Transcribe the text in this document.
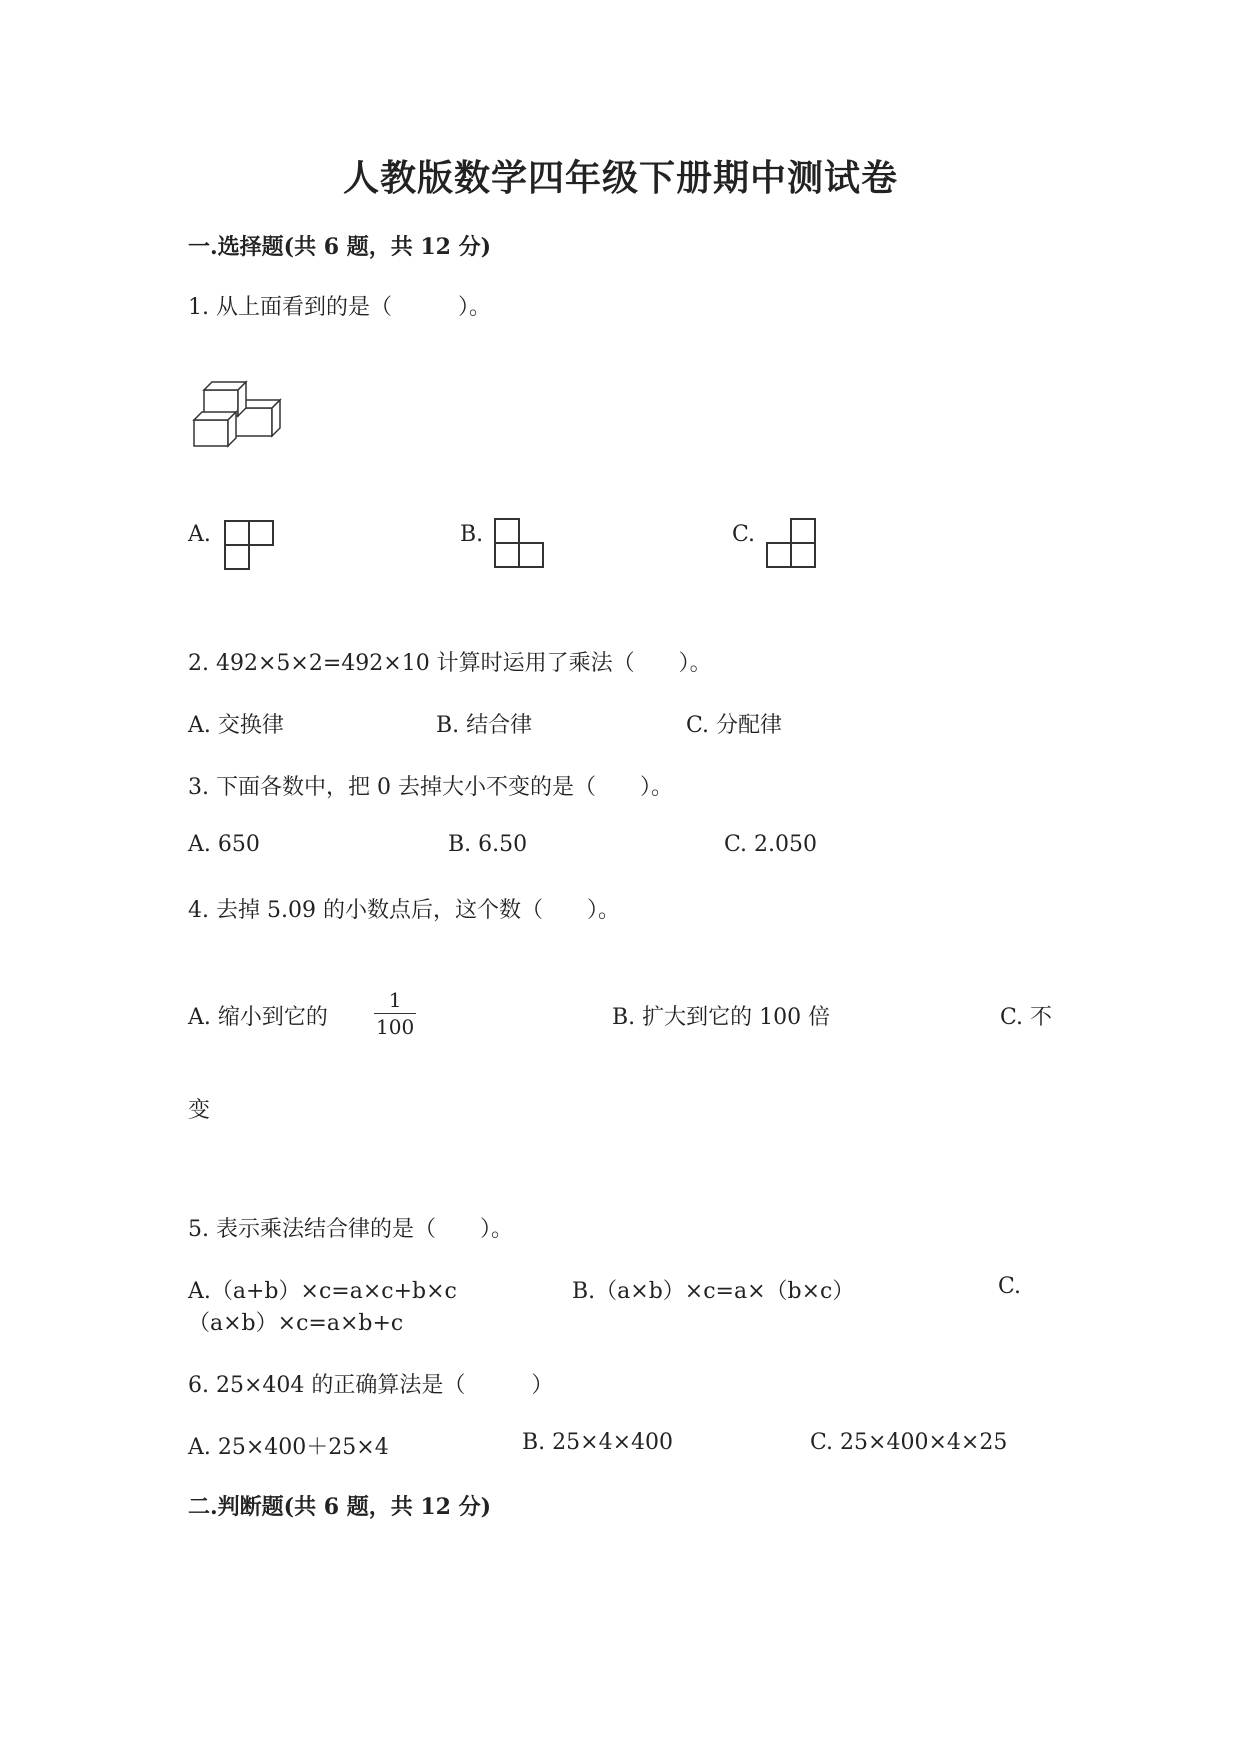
人教版数学四年级下册期中测试卷
一.选择题(共 6 题，共 12 分)
1. 从上面看到的是（　　　）。
A.	B.	C.
2. 492×5×2=492×10 计算时运用了乘法（　　）。
A. 交换律	B. 结合律	C. 分配律
3. 下面各数中，把 0 去掉大小不变的是（　　）。
A. 650	B. 6.50	C. 2.050
4. 去掉 5.09 的小数点后，这个数（　　）。
A. 缩小到它的 $\frac{1}{100}$	B. 扩大到它的 100 倍	C. 不
变
5. 表示乘法结合律的是（　　）。
A.（a+b）×c=a×c+b×c	B.（a×b）×c=a×（b×c）	C.
（a×b）×c=a×b+c
6. 25×404 的正确算法是（　　　）
A. 25×400＋25×4	B. 25×4×400	C. 25×400×4×25
二.判断题(共 6 题，共 12 分)
